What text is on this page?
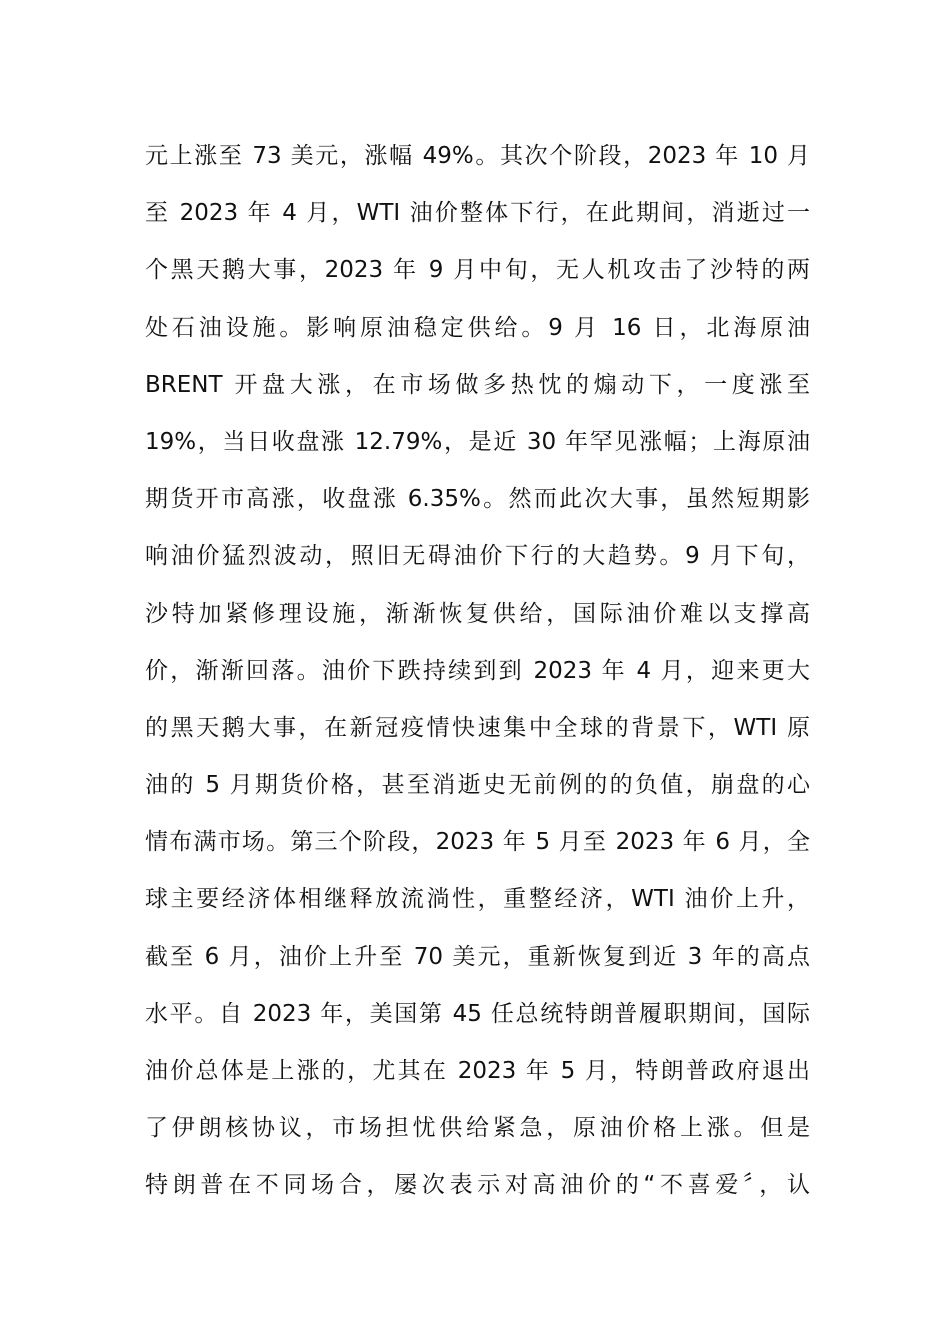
元上涨至 73 美元，涨幅 49%。其次个阶段，2023 年 10 月
至 2023 年 4 月，WTI 油价整体下行，在此期间，消逝过一
个黑天鹅大事，2023 年 9 月中旬，无人机攻击了沙特的两
处石油设施。影响原油稳定供给。9 月 16 日，北海原油
BRENT 开盘大涨，在市场做多热忱的煽动下，一度涨至
19%，当日收盘涨 12.79%，是近 30 年罕见涨幅；上海原油
期货开市高涨，收盘涨 6.35%。然而此次大事，虽然短期影
响油价猛烈波动，照旧无碍油价下行的大趋势。9 月下旬，
沙特加紧修理设施，渐渐恢复供给，国际油价难以支撑高
价，渐渐回落。油价下跌持续到到 2023 年 4 月，迎来更大
的黑天鹅大事，在新冠疫情快速集中全球的背景下，WTI 原
油的 5 月期货价格，甚至消逝史无前例的的负值，崩盘的心
情布满市场。第三个阶段，2023 年 5 月至 2023 年 6 月，全
球主要经济体相继释放流淌性，重整经济，WTI 油价上升，
截至 6 月，油价上升至 70 美元，重新恢复到近 3 年的高点
水平。自 2023 年，美国第 45 任总统特朗普履职期间，国际
油价总体是上涨的，尤其在 2023 年 5 月，特朗普政府退出
了伊朗核协议，市场担忧供给紧急，原油价格上涨。但是
特朗普在不同场合，屡次表示对高油价的“不喜爱〞，认
